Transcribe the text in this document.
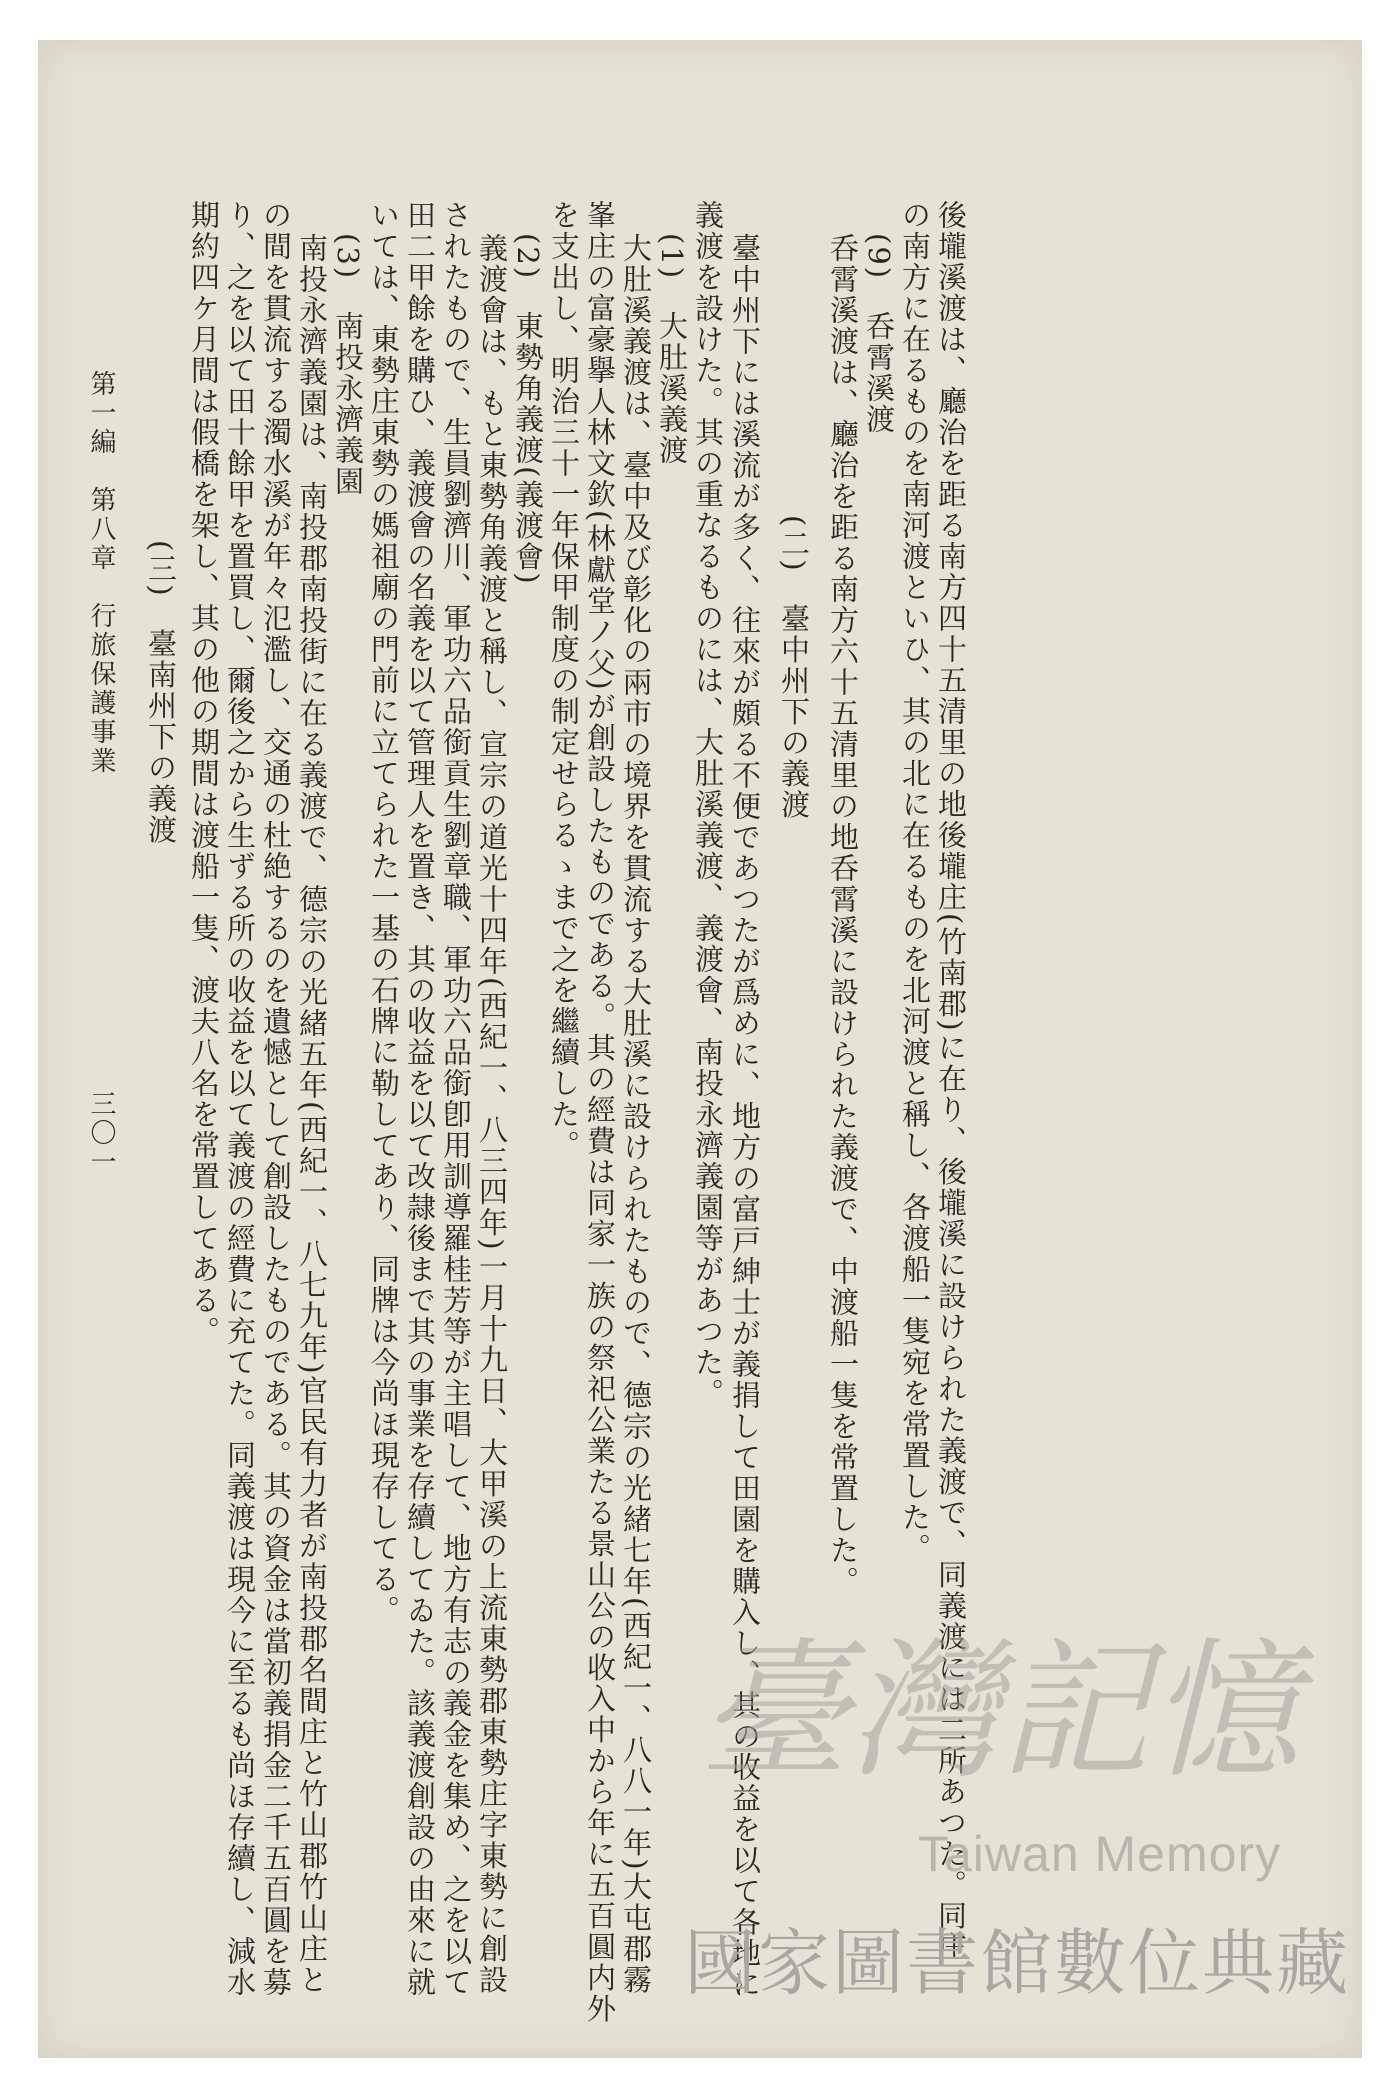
後壠溪渡は、廳治を距る南方四十五清里の地後壠庄(竹南郡)に在り、後壠溪に設けられた義渡で、同義渡には二所あつた。同庄
の南方に在るものを南河渡といひ、其の北に在るものを北河渡と稱し、各渡船一隻宛を常置した。
(9)　呑霄溪渡
呑霄溪渡は、廳治を距る南方六十五清里の地呑霄溪に設けられた義渡で、中渡船一隻を常置した。
(二)　臺中州下の義渡
臺中州下には溪流が多く、往來が頗る不便であつたが爲めに、地方の富戸紳士が義捐して田園を購入し、其の收益を以て各地に
義渡を設けた。其の重なるものには、大肚溪義渡、義渡會、南投永濟義園等があつた。
(1)　大肚溪義渡
大肚溪義渡は、臺中及び彰化の兩市の境界を貫流する大肚溪に設けられたもので、德宗の光緒七年(西紀一、八八一年)大屯郡霧
峯庄の富豪擧人林文欽(林獻堂ノ父)が創設したものである。其の經費は同家一族の祭祀公業たる景山公の收入中から年に五百圓内外
を支出し、明治三十一年保甲制度の制定せらるゝまで之を繼續した。
(2)　東勢角義渡(義渡會)
義渡會は、もと東勢角義渡と稱し、宣宗の道光十四年(西紀一、八三四年)一月十九日、大甲溪の上流東勢郡東勢庄字東勢に創設
されたもので、生員劉濟川、軍功六品銜貢生劉章職、軍功六品銜卽用訓導羅桂芳等が主唱して、地方有志の義金を集め、之を以て
田二甲餘を購ひ、義渡會の名義を以て管理人を置き、其の收益を以て改隷後まで其の事業を存續してゐた。該義渡創設の由來に就
いては、東勢庄東勢の媽祖廟の門前に立てられた一基の石牌に勒してあり、同牌は今尚ほ現存してる。
(3)　南投永濟義園
南投永濟義園は、南投郡南投街に在る義渡で、德宗の光緒五年(西紀一、八七九年)官民有力者が南投郡名間庄と竹山郡竹山庄と
の間を貫流する濁水溪が年々氾濫し、交通の杜絶するのを遺憾として創設したものである。其の資金は當初義捐金二千五百圓を募
り、之を以て田十餘甲を置買し、爾後之から生ずる所の收益を以て義渡の經費に充てた。同義渡は現今に至るも尚ほ存續し、減水
期約四ケ月間は假橋を架し、其の他の期間は渡船一隻、渡夫八名を常置してある。
(三)　臺南州下の義渡
第一編　第八章　行旅保護事業
三〇一
臺灣記憶
Taiwan Memory
國家圖書館數位典藏
